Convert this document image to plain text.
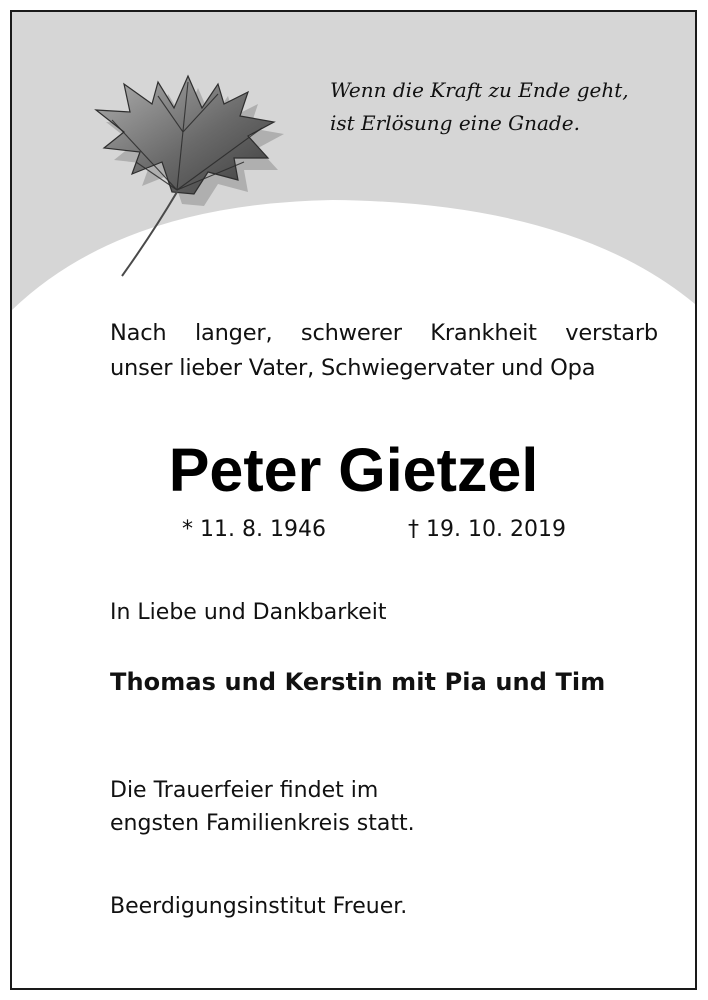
Wenn die Kraft zu Ende geht,
ist Erlösung eine Gnade.
Nach langer, schwerer Krankheit verstarb
unser lieber Vater, Schwiegervater und Opa
Peter Gietzel
* 11. 8. 1946	† 19. 10. 2019
In Liebe und Dankbarkeit
Thomas und Kerstin mit Pia und Tim
Die Trauerfeier findet im
engsten Familienkreis statt.
Beerdigungsinstitut Freuer.
